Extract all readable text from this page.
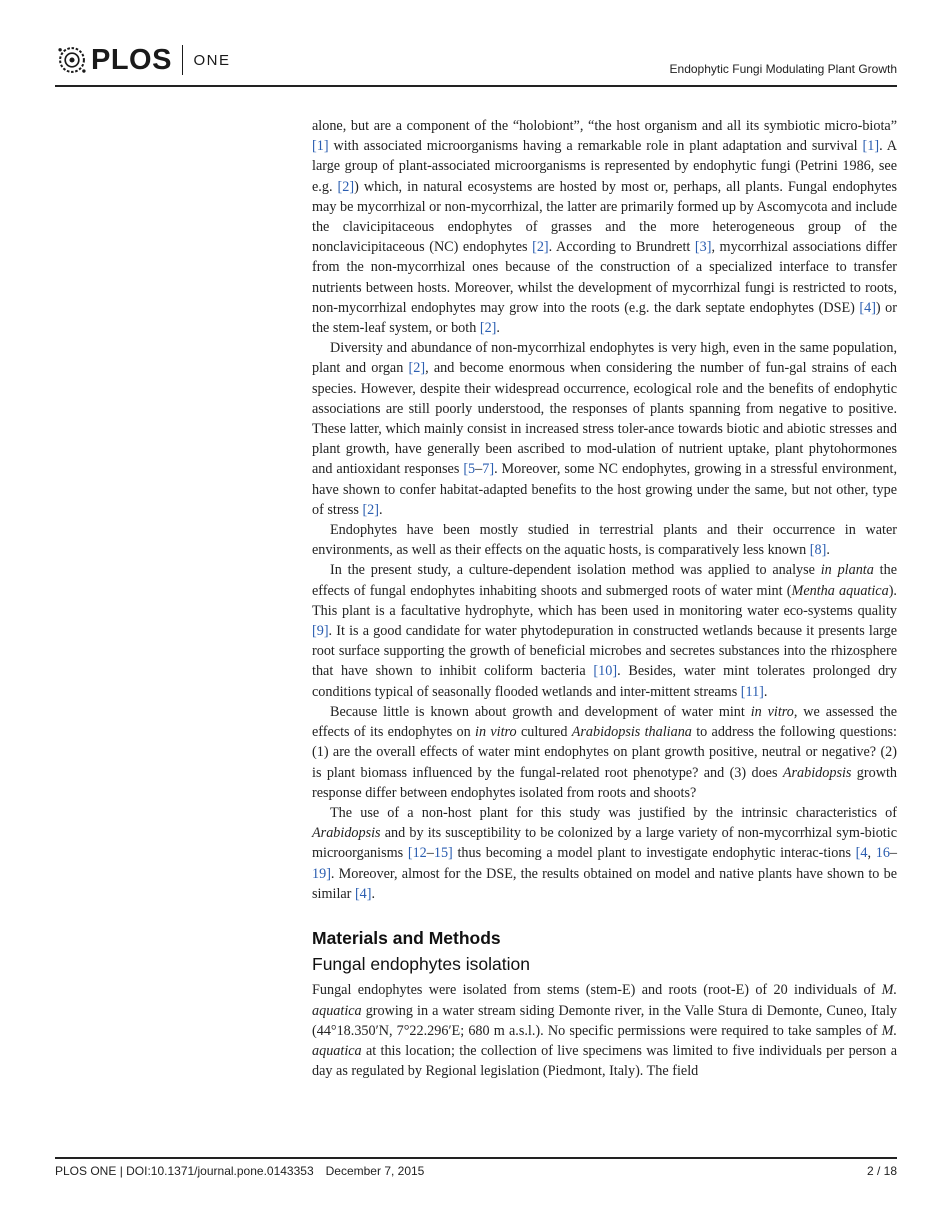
PLOS ONE
Endophytic Fungi Modulating Plant Growth

alone, but are a component of the “holobiont”, “the host organism and all its symbiotic micro-biota” [1] with associated microorganisms having a remarkable role in plant adaptation and survival [1]. A large group of plant-associated microorganisms is represented by endophytic fungi (Petrini 1986, see e.g. [2]) which, in natural ecosystems are hosted by most or, perhaps, all plants. Fungal endophytes may be mycorrhizal or non-mycorrhizal, the latter are primarily formed up by Ascomycota and include the clavicipitaceous endophytes of grasses and the more heterogeneous group of the nonclavicipitaceous (NC) endophytes [2]. According to Brundrett [3], mycorrhizal associations differ from the non-mycorrhizal ones because of the construction of a specialized interface to transfer nutrients between hosts. Moreover, whilst the development of mycorrhizal fungi is restricted to roots, non-mycorrhizal endophytes may grow into the roots (e.g. the dark septate endophytes (DSE) [4]) or the stem-leaf system, or both [2].

Diversity and abundance of non-mycorrhizal endophytes is very high, even in the same population, plant and organ [2], and become enormous when considering the number of fun-gal strains of each species. However, despite their widespread occurrence, ecological role and the benefits of endophytic associations are still poorly understood, the responses of plants spanning from negative to positive. These latter, which mainly consist in increased stress toler-ance towards biotic and abiotic stresses and plant growth, have generally been ascribed to mod-ulation of nutrient uptake, plant phytohormones and antioxidant responses [5–7]. Moreover, some NC endophytes, growing in a stressful environment, have shown to confer habitat-adapted benefits to the host growing under the same, but not other, type of stress [2].

Endophytes have been mostly studied in terrestrial plants and their occurrence in water environments, as well as their effects on the aquatic hosts, is comparatively less known [8].

In the present study, a culture-dependent isolation method was applied to analyse in planta the effects of fungal endophytes inhabiting shoots and submerged roots of water mint (Mentha aquatica). This plant is a facultative hydrophyte, which has been used in monitoring water eco-systems quality [9]. It is a good candidate for water phytodepuration in constructed wetlands because it presents large root surface supporting the growth of beneficial microbes and secretes substances into the rhizosphere that have shown to inhibit coliform bacteria [10]. Besides, water mint tolerates prolonged dry conditions typical of seasonally flooded wetlands and inter-mittent streams [11].

Because little is known about growth and development of water mint in vitro, we assessed the effects of its endophytes on in vitro cultured Arabidopsis thaliana to address the following questions: (1) are the overall effects of water mint endophytes on plant growth positive, neutral or negative? (2) is plant biomass influenced by the fungal-related root phenotype? and (3) does Arabidopsis growth response differ between endophytes isolated from roots and shoots?

The use of a non-host plant for this study was justified by the intrinsic characteristics of Arabidopsis and by its susceptibility to be colonized by a large variety of non-mycorrhizal sym-biotic microorganisms [12–15] thus becoming a model plant to investigate endophytic interac-tions [4, 16–19]. Moreover, almost for the DSE, the results obtained on model and native plants have shown to be similar [4].

Materials and Methods
Fungal endophytes isolation

Fungal endophytes were isolated from stems (stem-E) and roots (root-E) of 20 individuals of M. aquatica growing in a water stream siding Demonte river, in the Valle Stura di Demonte, Cuneo, Italy (44°18.350′N, 7°22.296′E; 680 m a.s.l.). No specific permissions were required to take samples of M. aquatica at this location; the collection of live specimens was limited to five individuals per person a day as regulated by Regional legislation (Piedmont, Italy). The field

PLOS ONE | DOI:10.1371/journal.pone.0143353 December 7, 2015	2 / 18
